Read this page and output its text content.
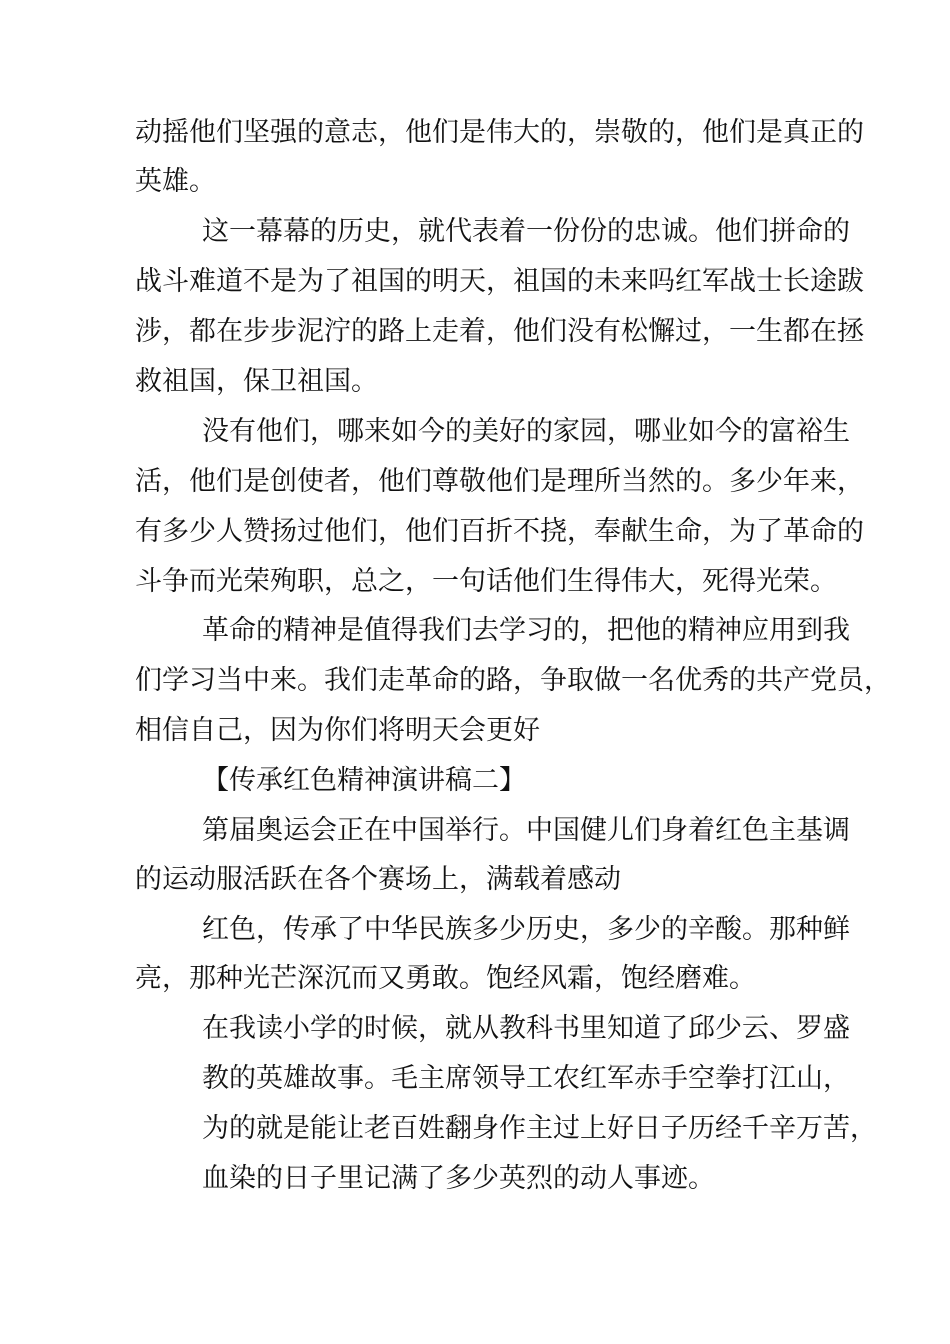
动摇他们坚强的意志，他们是伟大的，崇敬的，他们是真正的
英雄。
这一幕幕的历史，就代表着一份份的忠诚。他们拼命的
战斗难道不是为了祖国的明天，祖国的未来吗红军战士长途跋
涉，都在步步泥泞的路上走着，他们没有松懈过，一生都在拯
救祖国，保卫祖国。
没有他们，哪来如今的美好的家园，哪业如今的富裕生
活，他们是创使者，他们尊敬他们是理所当然的。多少年来，
有多少人赞扬过他们，他们百折不挠，奉献生命，为了革命的
斗争而光荣殉职，总之，一句话他们生得伟大，死得光荣。
革命的精神是值得我们去学习的，把他的精神应用到我
们学习当中来。我们走革命的路，争取做一名优秀的共产党员，
相信自己，因为你们将明天会更好
【传承红色精神演讲稿二】
第届奥运会正在中国举行。中国健儿们身着红色主基调
的运动服活跃在各个赛场上，满载着感动
红色，传承了中华民族多少历史，多少的辛酸。那种鲜
亮，那种光芒深沉而又勇敢。饱经风霜，饱经磨难。
在我读小学的时候，就从教科书里知道了邱少云、罗盛
教的英雄故事。毛主席领导工农红军赤手空拳打江山，
为的就是能让老百姓翻身作主过上好日子历经千辛万苦，
血染的日子里记满了多少英烈的动人事迹。
